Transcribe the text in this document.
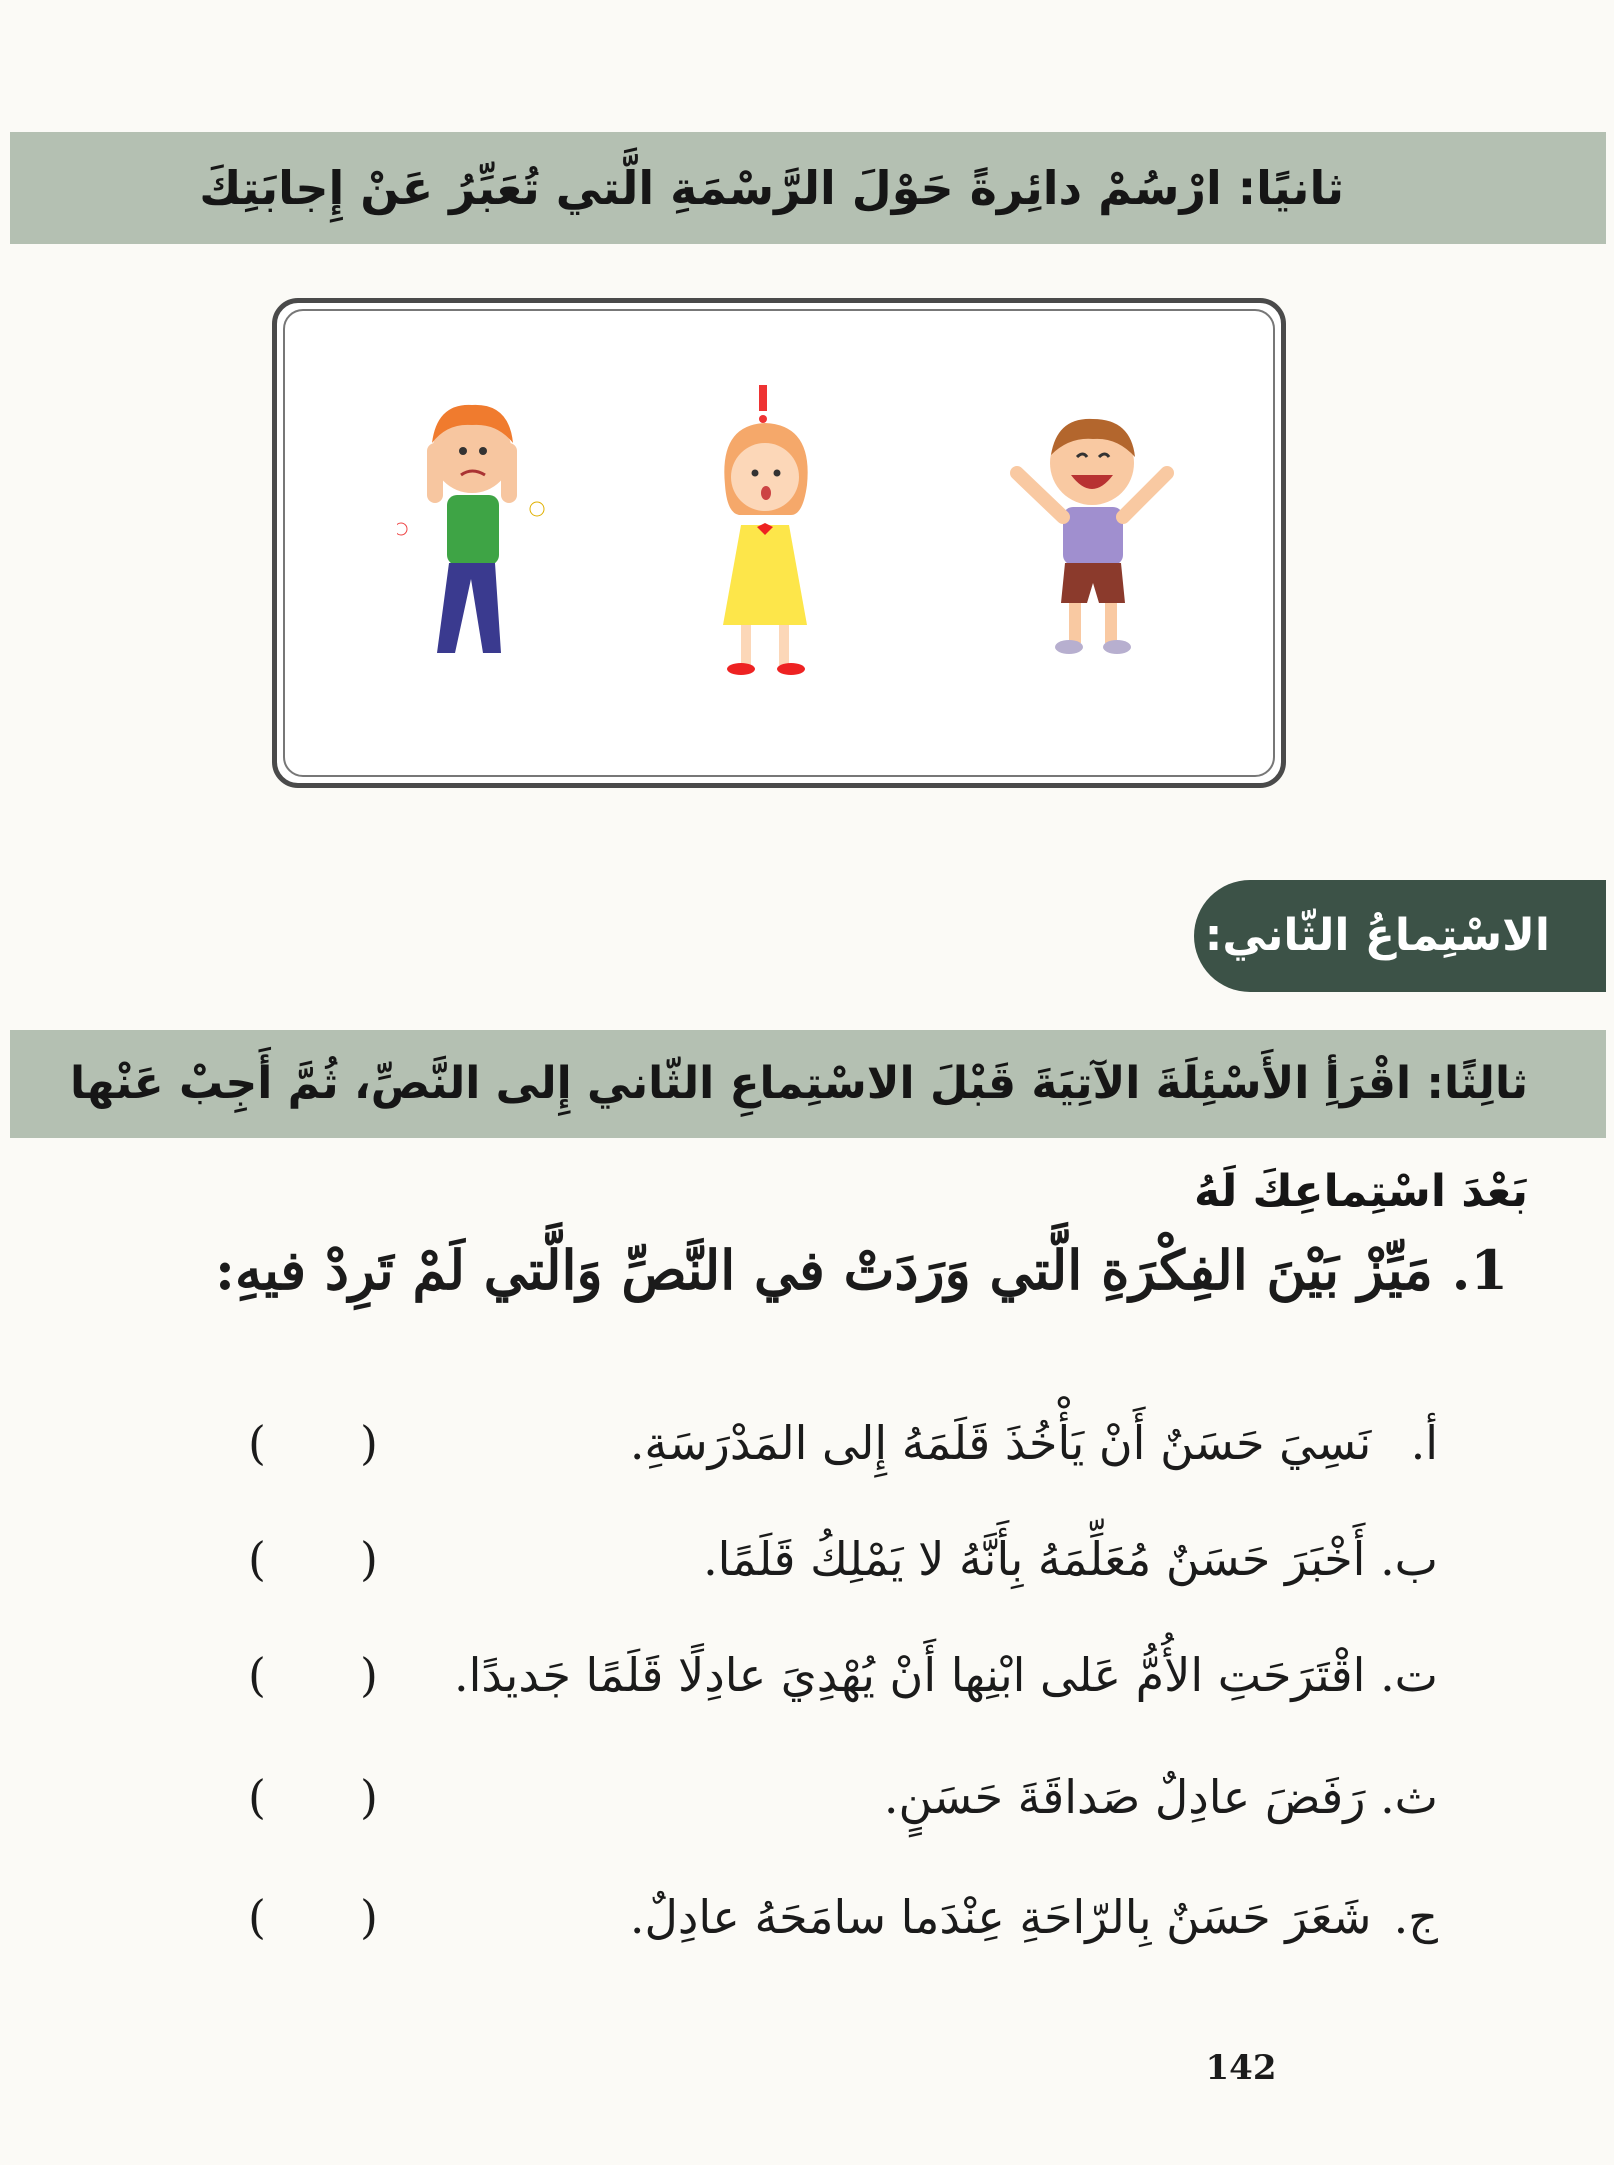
ثانيًا: ارْسُمْ دائِرةً حَوْلَ الرَّسْمَةِ الَّتي تُعَبِّرُ عَنْ إِجابَتِكَ
الاسْتِماعُ الثّاني:
ثالِثًا: اقْرَأِ الأَسْئِلَةَ الآتِيَةَ قَبْلَ الاسْتِماعِ الثّاني إِلى النَّصِّ، ثُمَّ أَجِبْ عَنْها بَعْدَ اسْتِماعِكَ لَهُ
1. مَيِّزْ بَيْنَ الفِكْرَةِ الَّتي وَرَدَتْ في النَّصِّ وَالَّتي لَمْ تَرِدْ فيهِ:
أ. نَسِيَ حَسَنٌ أَنْ يَأْخُذَ قَلَمَهُ إِلى المَدْرَسَةِ.
( )
ب. أَخْبَرَ حَسَنٌ مُعَلِّمَهُ بِأَنَّهُ لا يَمْلِكُ قَلَمًا.
( )
ت. اقْتَرَحَتِ الأُمُّ عَلى ابْنِها أَنْ يُهْدِيَ عادِلًا قَلَمًا جَديدًا.
( )
ث. رَفَضَ عادِلٌ صَداقَةَ حَسَنٍ.
( )
ج. شَعَرَ حَسَنٌ بِالرّاحَةِ عِنْدَما سامَحَهُ عادِلٌ.
( )
142
